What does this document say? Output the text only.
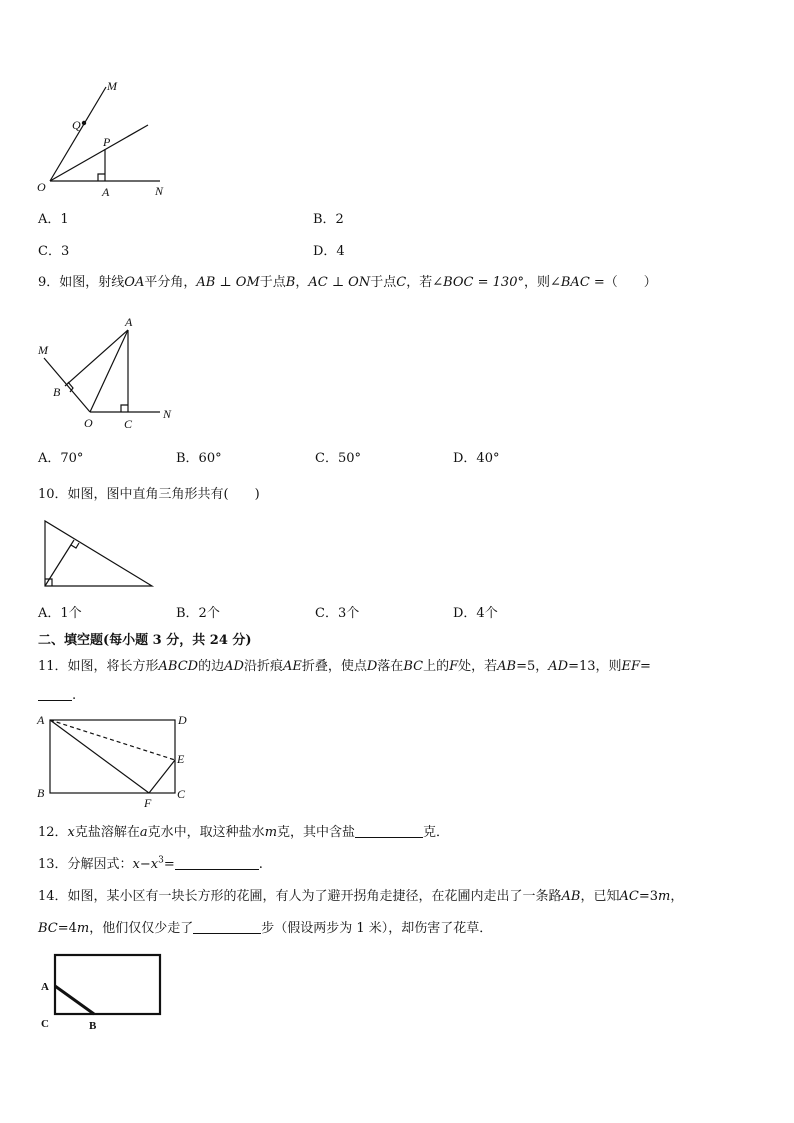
M
Q
P
O	A	N
A．1	B．2
C．3	D．4
9．如图，射线OA平分角，AB ⊥ OM于点B，AC ⊥ ON于点C，若∠BOC = 130°，则∠BAC =（　　）
A
M
B
O	C
N
A．70°	B．60°	C．50°	D．40°
10．如图，图中直角三角形共有(　　)
A．1个	B．2个	C．3个	D．4个
二、填空题(每小题 3 分，共 24 分)
11．如图，将长方形ABCD的边AD沿折痕AE折叠，使点D落在BC上的F处，若AB=5，AD=13，则EF=
.
A	D
E
B
F
C
12．x克盐溶解在a克水中，取这种盐水m克，其中含盐	克．
13．分解因式：$x-x^3=$	.
14．如图，某小区有一块长方形的花圃，有人为了避开拐角走捷径，在花圃内走出了一条路AB，已知AC=3m，
BC=4m，他们仅仅少走了	步（假设两步为 1 米），却伤害了花草．
A
C	B
